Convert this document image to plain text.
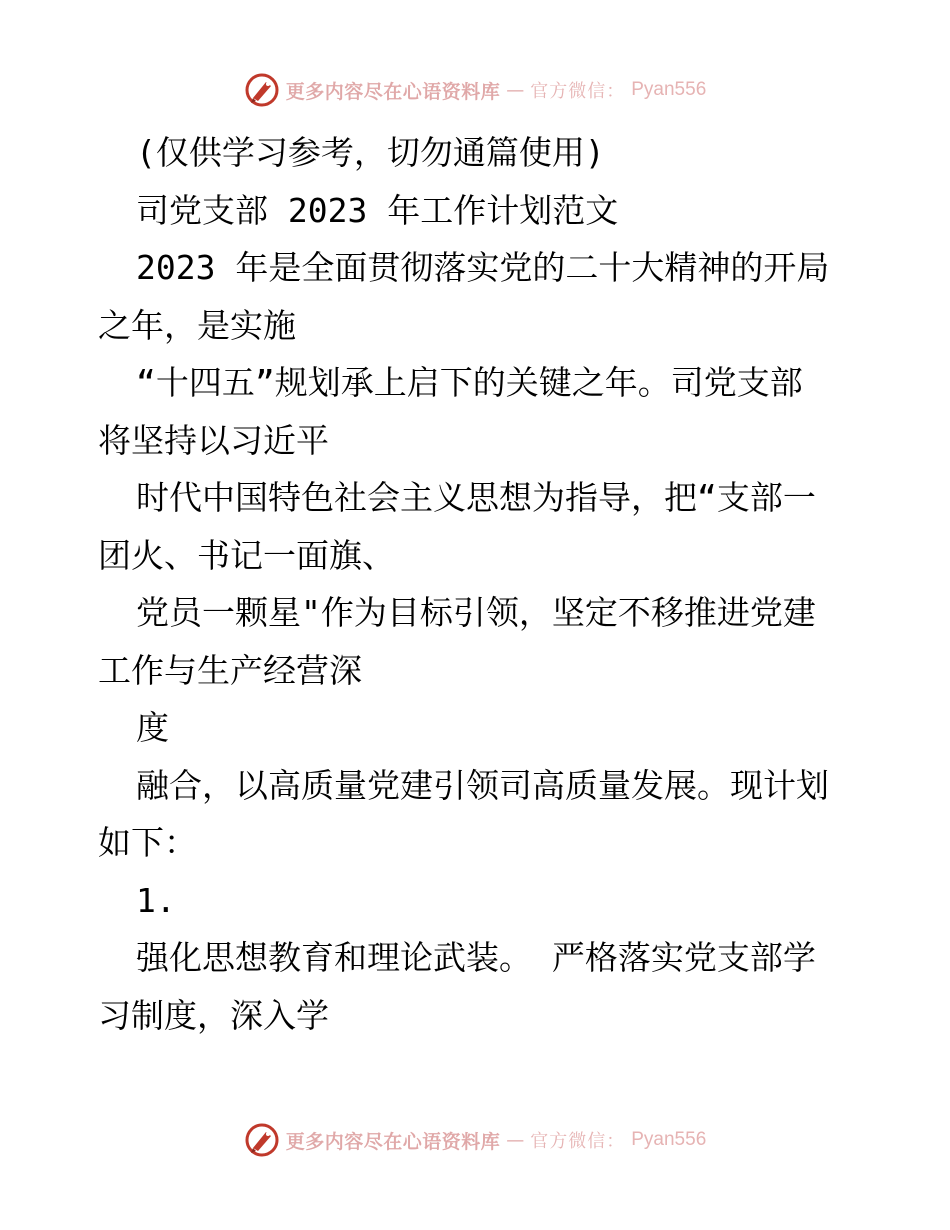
更多内容尽在心语资料库 — 官方微信： Pyan556
(仅供学习参考，切勿通篇使用)
司党支部 2023 年工作计划范文
2023 年是全面贯彻落实党的二十大精神的开局
之年，是实施
“十四五”规划承上启下的关键之年。司党支部
将坚持以习近平
时代中国特色社会主义思想为指导，把“支部一
团火、书记一面旗、
党员一颗星"作为目标引领，坚定不移推进党建
工作与生产经营深
度
融合，以高质量党建引领司高质量发展。现计划
如下：
1.
强化思想教育和理论武装。 严格落实党支部学
习制度，深入学
更多内容尽在心语资料库 — 官方微信： Pyan556
